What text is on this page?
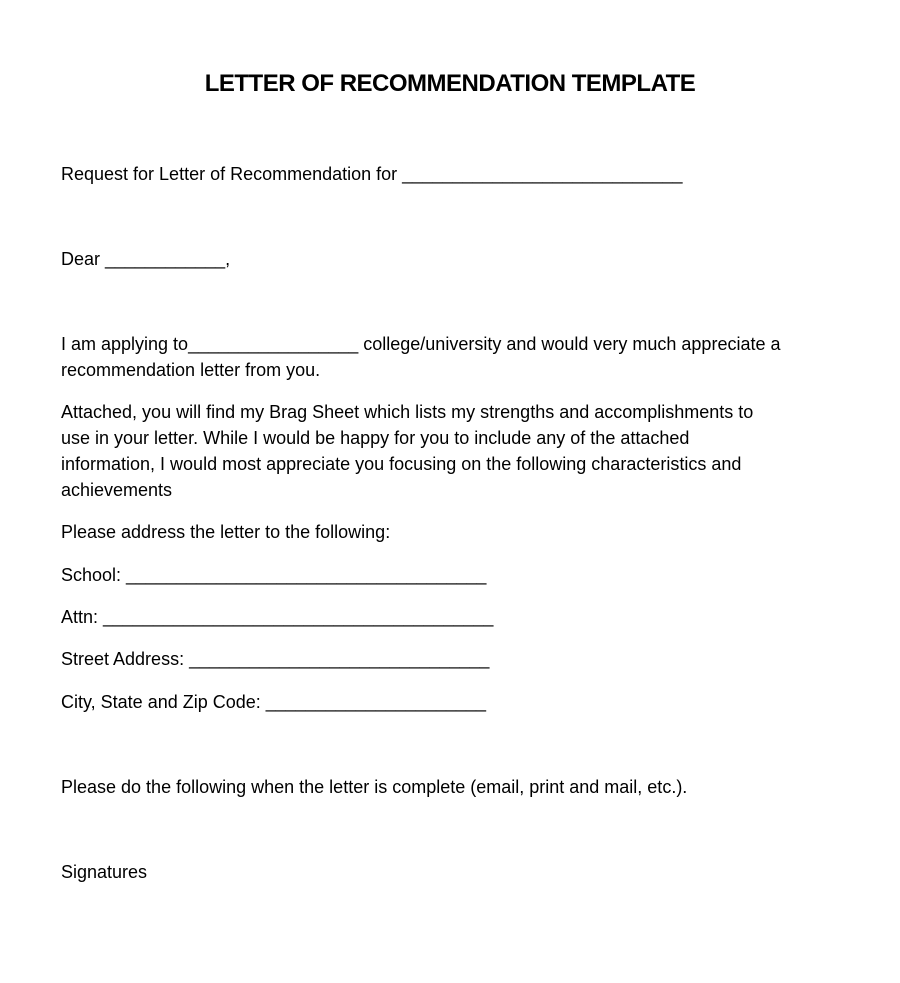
LETTER OF RECOMMENDATION TEMPLATE
Request for Letter of Recommendation for ____________________________
Dear ____________,
I am applying to_________________ college/university and would very much appreciate a
recommendation letter from you.
Attached, you will find my Brag Sheet which lists my strengths and accomplishments to
use in your letter. While I would be happy for you to include any of the attached
information, I would most appreciate you focusing on the following characteristics and
achievements
Please address the letter to the following:
School: ____________________________________
Attn: _______________________________________
Street Address: ______________________________
City, State and Zip Code: ______________________
Please do the following when the letter is complete (email, print and mail, etc.).
Signatures
